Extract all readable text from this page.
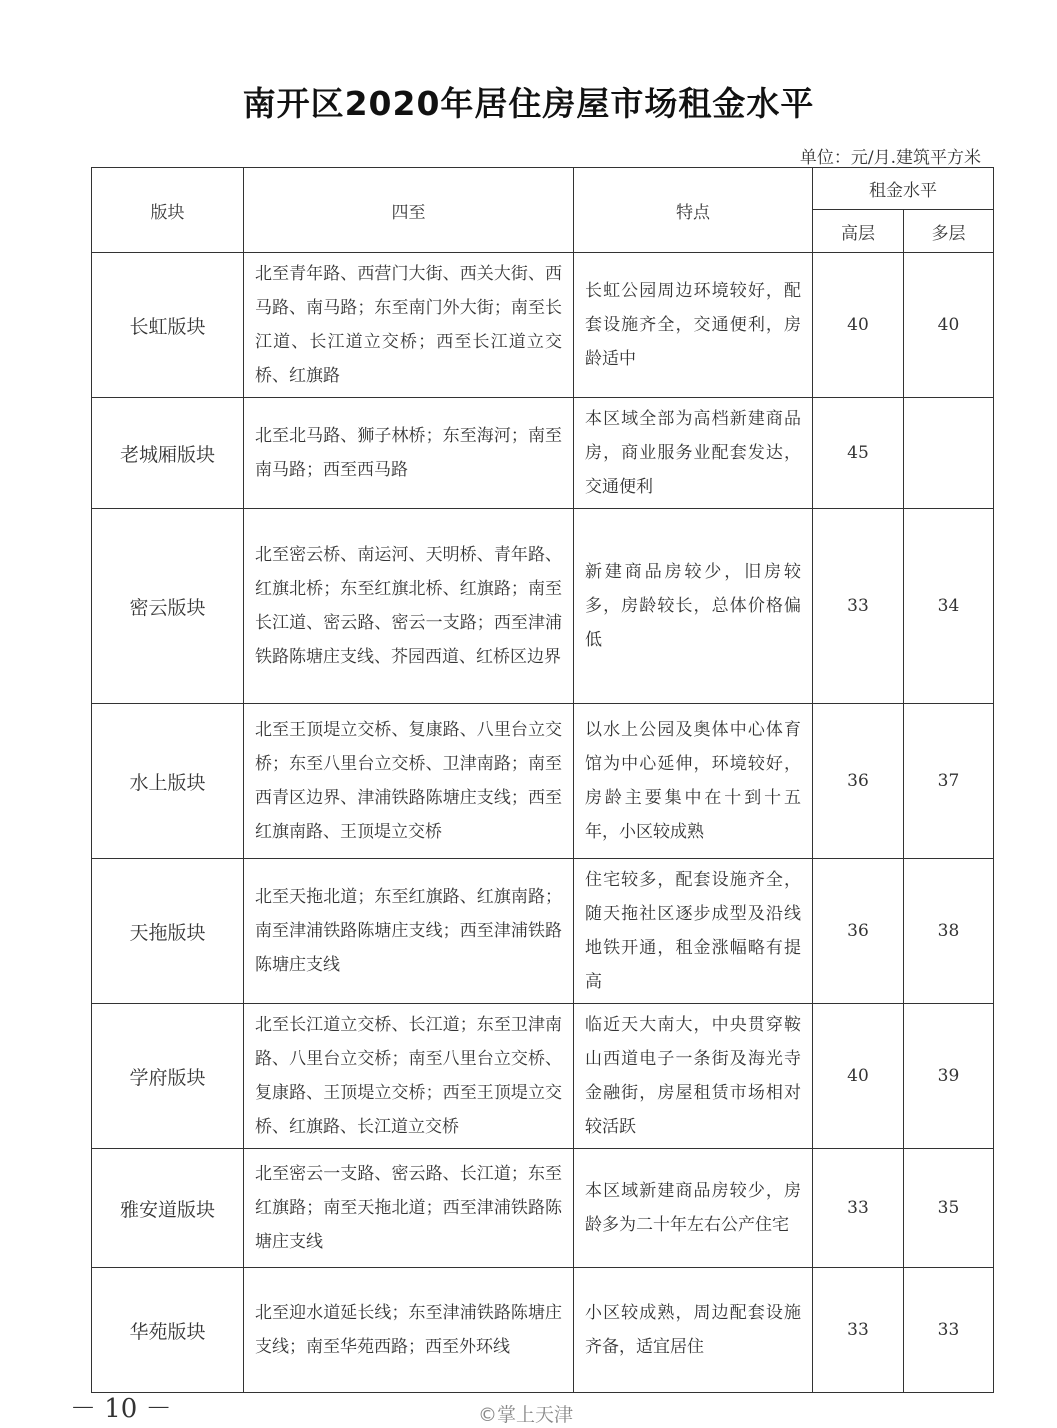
南开区2020年居住房屋市场租金水平
单位：元/月.建筑平方米
版块	四至	特点	租金水平	
			高层	多层
长虹版块	北至青年路、西营门大街、西关大街、西马路、南马路；东至南门外大街；南至长江道、长江道立交桥；西至长江道立交桥、红旗路	长虹公园周边环境较好，配套设施齐全，交通便利，房龄适中	40	40
老城厢版块	北至北马路、狮子林桥；东至海河；南至南马路；西至西马路	本区域全部为高档新建商品房，商业服务业配套发达，交通便利	45	
密云版块	北至密云桥、南运河、天明桥、青年路、红旗北桥；东至红旗北桥、红旗路；南至长江道、密云路、密云一支路；西至津浦铁路陈塘庄支线、芥园西道、红桥区边界	新建商品房较少，旧房较多，房龄较长，总体价格偏低	33	34
水上版块	北至王顶堤立交桥、复康路、八里台立交桥；东至八里台立交桥、卫津南路；南至西青区边界、津浦铁路陈塘庄支线；西至红旗南路、王顶堤立交桥	以水上公园及奥体中心体育馆为中心延伸，环境较好，房龄主要集中在十到十五年，小区较成熟	36	37
天拖版块	北至天拖北道；东至红旗路、红旗南路；南至津浦铁路陈塘庄支线；西至津浦铁路陈塘庄支线	住宅较多，配套设施齐全，随天拖社区逐步成型及沿线地铁开通，租金涨幅略有提高	36	38
学府版块	北至长江道立交桥、长江道；东至卫津南路、八里台立交桥；南至八里台立交桥、复康路、王顶堤立交桥；西至王顶堤立交桥、红旗路、长江道立交桥	临近天大南大，中央贯穿鞍山西道电子一条街及海光寺金融街，房屋租赁市场相对较活跃	40	39
雅安道版块	北至密云一支路、密云路、长江道；东至红旗路；南至天拖北道；西至津浦铁路陈塘庄支线	本区域新建商品房较少，房龄多为二十年左右公产住宅	33	35
华苑版块	北至迎水道延长线；东至津浦铁路陈塘庄支线；南至华苑西路；西至外环线	小区较成熟，周边配套设施齐备，适宜居住	33	33
－ 10 －	©掌上天津
